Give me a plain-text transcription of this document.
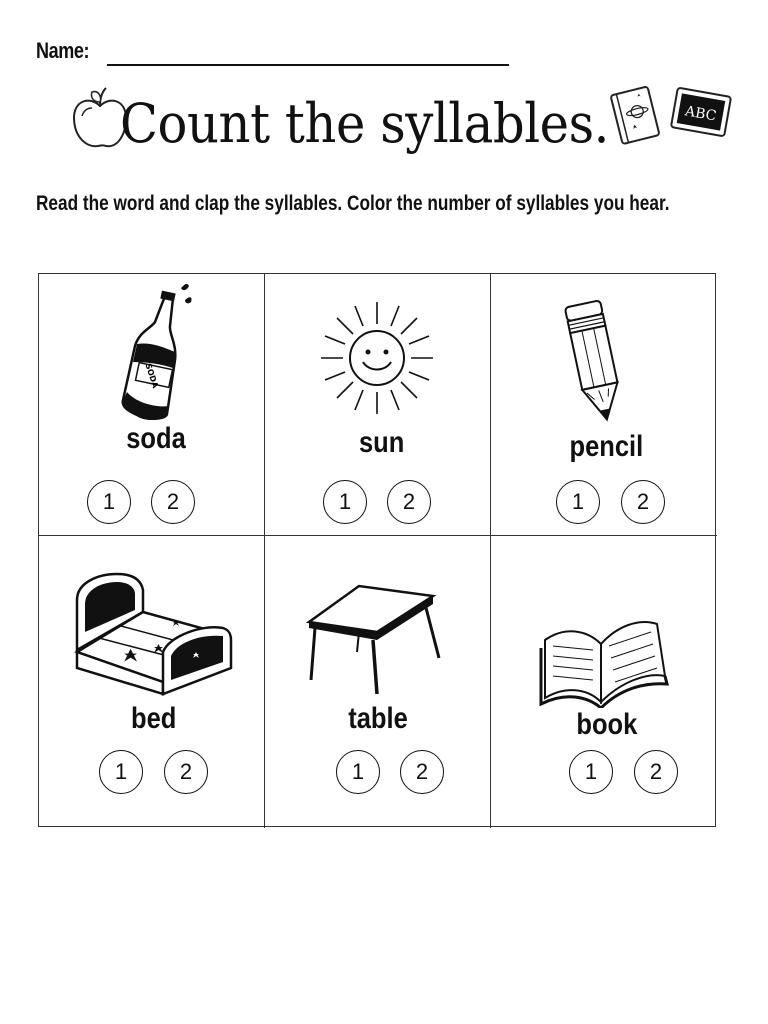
Name:
Count the syllables.	ABC
Read the word and clap the syllables. Color the number of syllables you hear.
SODA
soda
1	2
sun
1	2
pencil
1	2
bed
1	2
table
1	2
book
1	2
